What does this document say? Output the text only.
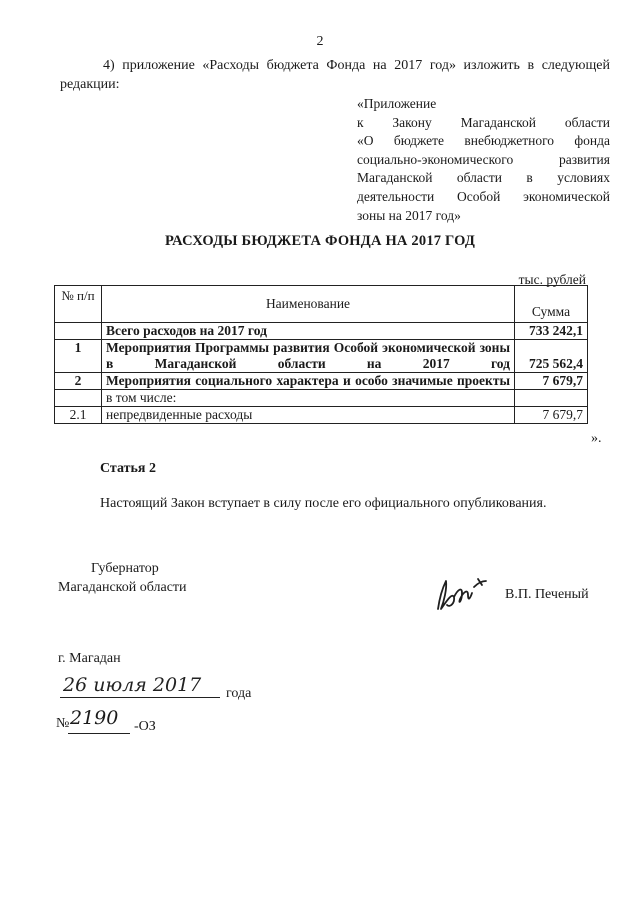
2
4) приложение «Расходы бюджета Фонда на 2017 год» изложить в следующей редакции:
«Приложение
к Закону Магаданской области
«О бюджете внебюджетного фонда
социально-экономического развития
Магаданской области в условиях
деятельности Особой экономической
зоны на 2017 год»
РАСХОДЫ БЮДЖЕТА ФОНДА НА 2017 ГОД
тыс. рублей
№ п/п	Наименование	Сумма
	Всего расходов на 2017 год	733 242,1
1	Мероприятия Программы развития Особой экономической зоны в Магаданской области на 2017 год	725 562,4
2	Мероприятия социального характера и особо значимые проекты	7 679,7
	в том числе:	
2.1	непредвиденные расходы	7 679,7
».
Статья 2
Настоящий Закон вступает в силу после его официального опубликования.
Губернатор
Магаданской области	В.П. Печеный
г. Магадан
26 июля 2017 года
№ 2190 -ОЗ
